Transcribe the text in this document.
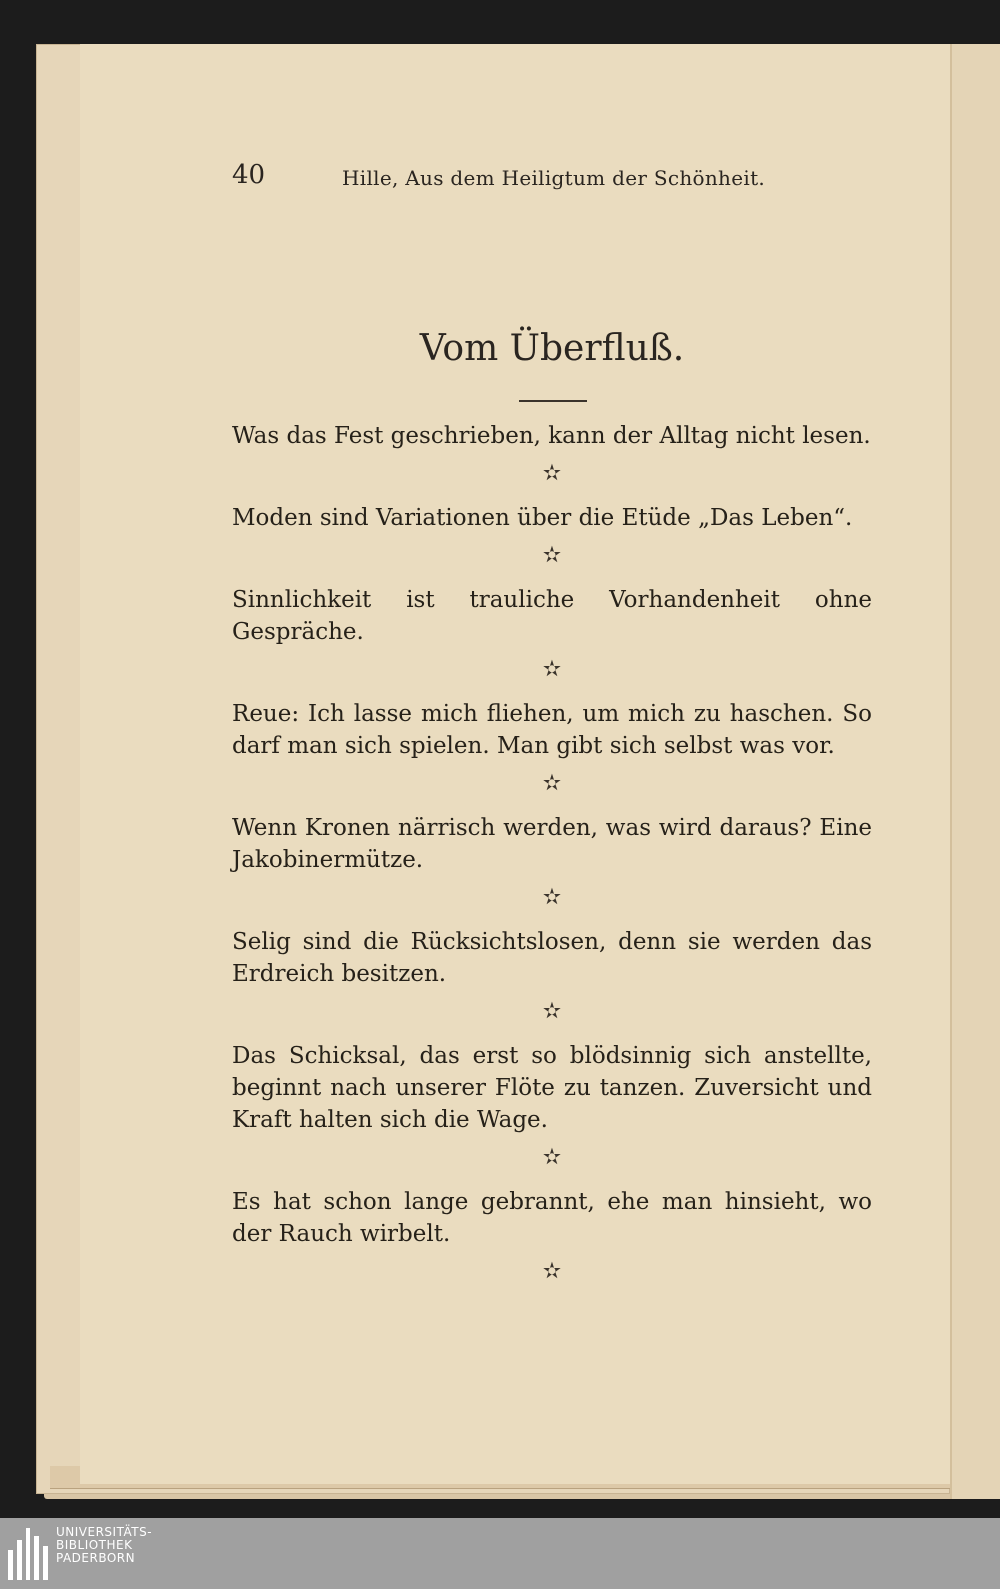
40	Hille, Aus dem Heiligtum der Schönheit.
Vom Überfluß.

Was das Fest geschrieben, kann der Alltag nicht lesen.

✫

Moden sind Variationen über die Etüde „Das Leben“.

✫

Sinnlichkeit ist trauliche Vorhandenheit ohne Gespräche.

✫

Reue: Ich lasse mich fliehen, um mich zu haschen. So darf man sich spielen. Man gibt sich selbst was vor.

✫

Wenn Kronen närrisch werden, was wird daraus? Eine Jakobinermütze.

✫

Selig sind die Rücksichtslosen, denn sie werden das Erdreich besitzen.

✫

Das Schicksal, das erst so blödsinnig sich anstellte, beginnt nach unserer Flöte zu tanzen. Zuversicht und Kraft halten sich die Wage.

✫

Es hat schon lange gebrannt, ehe man hinsieht, wo der Rauch wirbelt.

✫
UNIVERSITÄTS-
BIBLIOTHEK
PADERBORN
